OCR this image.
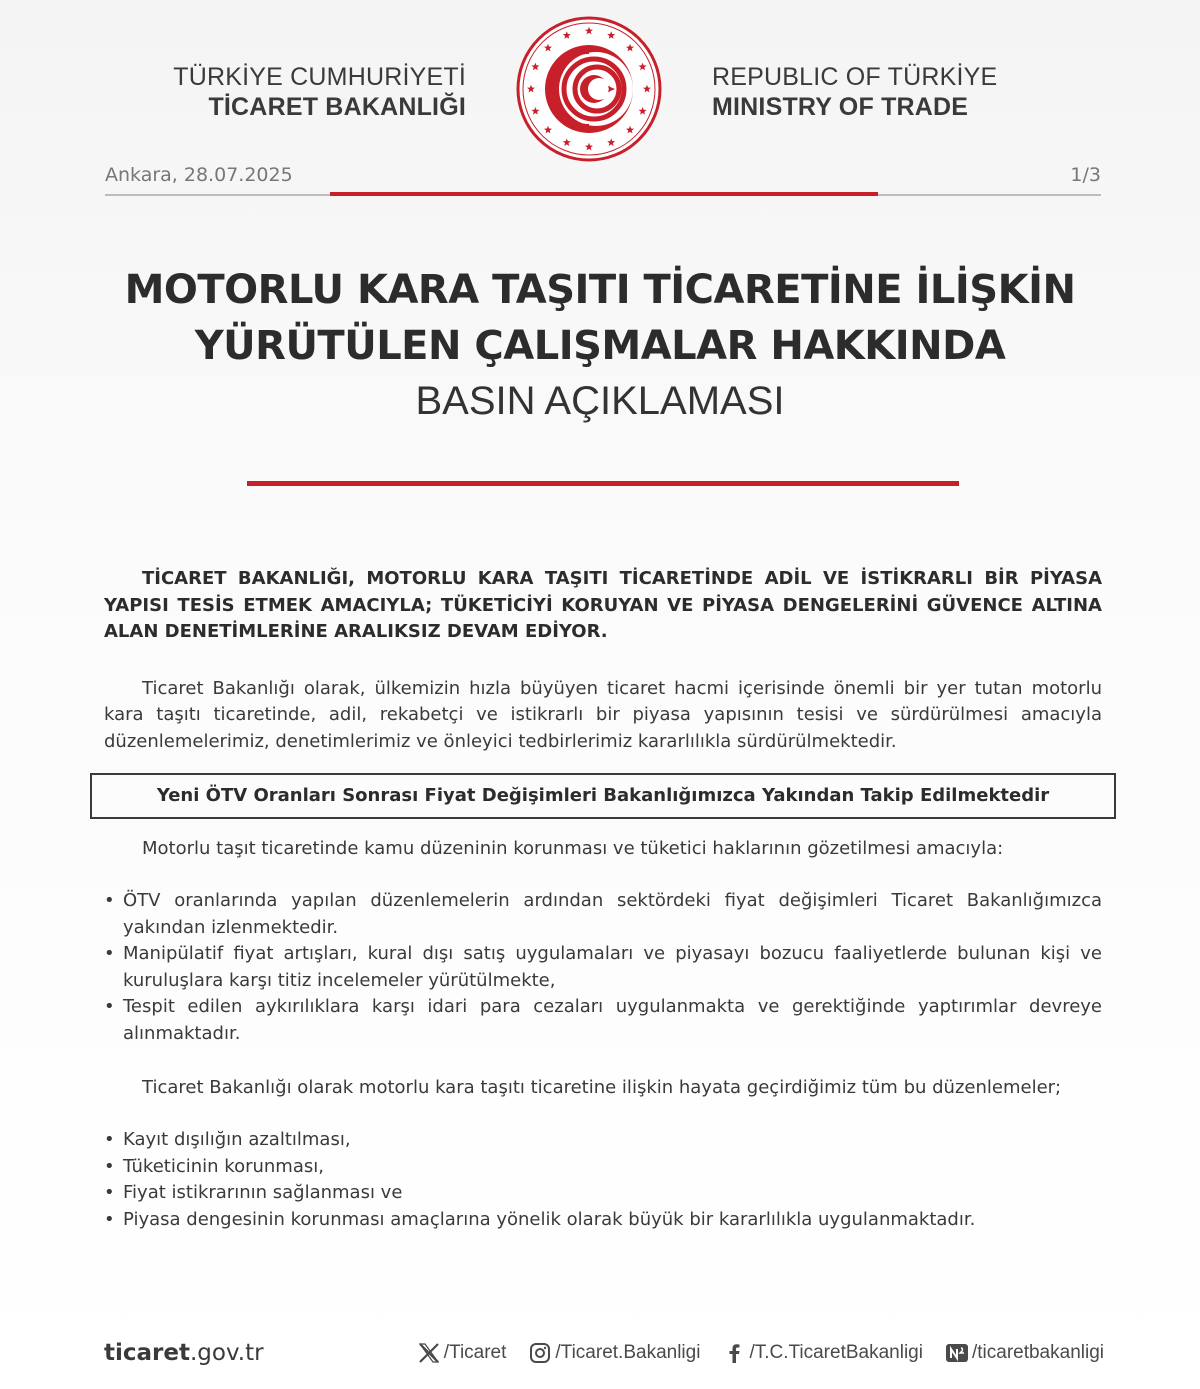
TÜRKİYE CUMHURİYETİ
TİCARET BAKANLIĞI
REPUBLIC OF TÜRKİYE
MINISTRY OF TRADE
Ankara, 28.07.2025	1/3
MOTORLU KARA TAŞITI TİCARETİNE İLİŞKİN
YÜRÜTÜLEN ÇALIŞMALAR HAKKINDA
BASIN AÇIKLAMASI

TİCARET BAKANLIĞI, MOTORLU KARA TAŞITI TİCARETİNDE ADİL VE İSTİKRARLI BİR PİYASA YAPISI TESİS ETMEK AMACIYLA; TÜKETİCİYİ KORUYAN VE PİYASA DENGELERİNİ GÜVENCE ALTINA ALAN DENETİMLERİNE ARALIKSIZ DEVAM EDİYOR.

Ticaret Bakanlığı olarak, ülkemizin hızla büyüyen ticaret hacmi içerisinde önemli bir yer tutan motorlu kara taşıtı ticaretinde, adil, rekabetçi ve istikrarlı bir piyasa yapısının tesisi ve sürdürülmesi amacıyla düzenlemelerimiz, denetimlerimiz ve önleyici tedbirlerimiz kararlılıkla sürdürülmektedir.

Yeni ÖTV Oranları Sonrası Fiyat Değişimleri Bakanlığımızca Yakından Takip Edilmektedir

Motorlu taşıt ticaretinde kamu düzeninin korunması ve tüketici haklarının gözetilmesi amacıyla:

• ÖTV oranlarında yapılan düzenlemelerin ardından sektördeki fiyat değişimleri Ticaret Bakanlığımızca yakından izlenmektedir.
• Manipülatif fiyat artışları, kural dışı satış uygulamaları ve piyasayı bozucu faaliyetlerde bulunan kişi ve kuruluşlara karşı titiz incelemeler yürütülmekte,
• Tespit edilen aykırılıklara karşı idari para cezaları uygulanmakta ve gerektiğinde yaptırımlar devreye alınmaktadır.

Ticaret Bakanlığı olarak motorlu kara taşıtı ticaretine ilişkin hayata geçirdiğimiz tüm bu düzenlemeler;

• Kayıt dışılığın azaltılması,
• Tüketicinin korunması,
• Fiyat istikrarının sağlanması ve
• Piyasa dengesinin korunması amaçlarına yönelik olarak büyük bir kararlılıkla uygulanmaktadır.
ticaret.gov.tr	/Ticaret	/Ticaret.Bakanligi	/T.C.TicaretBakanligi	/ticaretbakanligi
